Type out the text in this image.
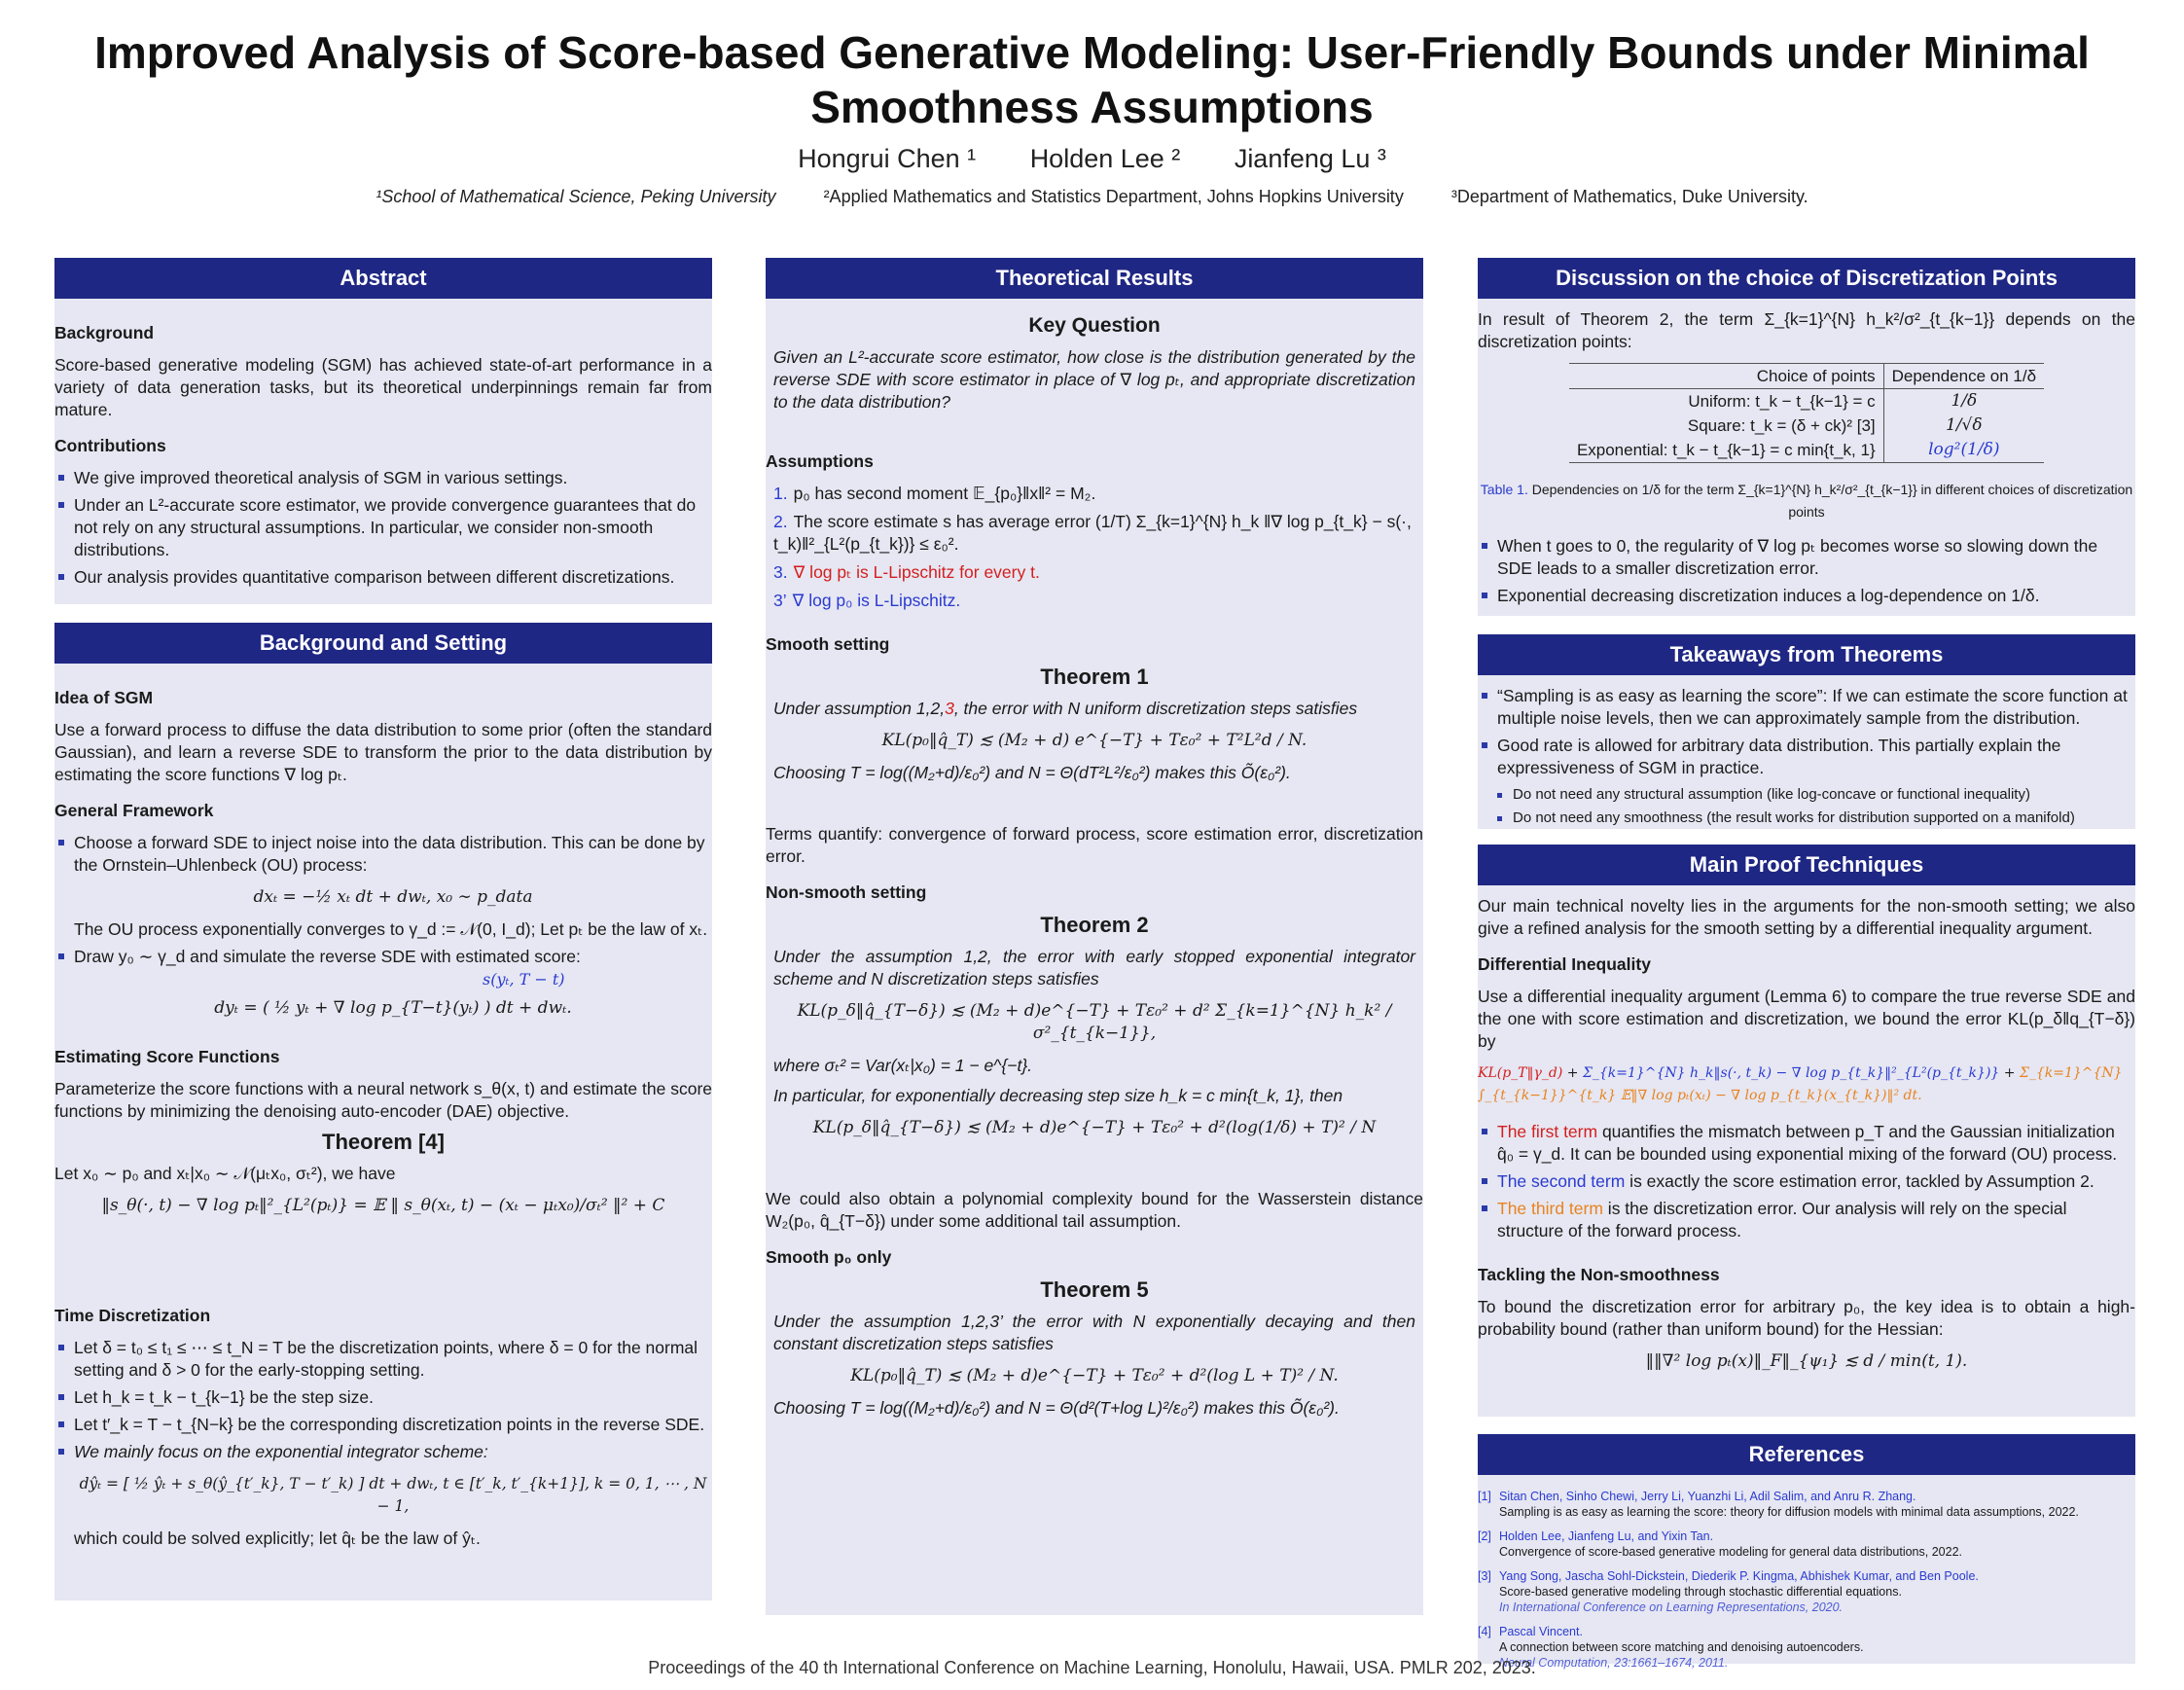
Improved Analysis of Score-based Generative Modeling: User-Friendly Bounds under Minimal
Smoothness Assumptions
Hongrui Chen ¹ Holden Lee ² Jianfeng Lu ³
¹School of Mathematical Science, Peking University	²Applied Mathematics and Statistics Department, Johns Hopkins University	³Department of Mathematics, Duke University.
Abstract
Background

Score-based generative modeling (SGM) has achieved state-of-art performance in a variety of data generation tasks, but its theoretical underpinnings remain far from mature.

Contributions
We give improved theoretical analysis of SGM in various settings.
Under an L²-accurate score estimator, we provide convergence guarantees that do not rely on any structural assumptions. In particular, we consider non-smooth distributions.
Our analysis provides quantitative comparison between different discretizations.
Background and Setting
Idea of SGM

Use a forward process to diffuse the data distribution to some prior (often the standard Gaussian), and learn a reverse SDE to transform the prior to the data distribution by estimating the score functions ∇ log pₜ.

General Framework
Choose a forward SDE to inject noise into the data distribution. This can be done by the Ornstein–Uhlenbeck (OU) process:
dxₜ = −½ xₜ dt + dwₜ, x₀ ∼ p_data
The OU process exponentially converges to γ_d := 𝒩(0, I_d); Let pₜ be the law of xₜ.
Draw y₀ ∼ γ_d and simulate the reverse SDE with estimated score:
dyₜ = ( ½ yₜ + ∇ log p_{T−t}(yₜ) ) dt + dwₜ.
s(yₜ, T − t)
Estimating Score Functions

Parameterize the score functions with a neural network s_θ(x, t) and estimate the score functions by minimizing the denoising auto-encoder (DAE) objective.

Theorem [4]

Let x₀ ∼ p₀ and xₜ|x₀ ∼ 𝒩(μₜx₀, σₜ²), we have

‖s_θ(·, t) − ∇ log pₜ‖²_{L²(pₜ)} = 𝔼 ‖ s_θ(xₜ, t) − (xₜ − μₜx₀)/σₜ² ‖² + C
Time Discretization
Let δ = t₀ ≤ t₁ ≤ ⋯ ≤ t_N = T be the discretization points, where δ = 0 for the normal setting and δ > 0 for the early-stopping setting.
Let h_k = t_k − t_{k−1} be the step size.
Let t′_k = T − t_{N−k} be the corresponding discretization points in the reverse SDE.
We mainly focus on the exponential integrator scheme:
dŷₜ = [ ½ ŷₜ + s_θ(ŷ_{t′_k}, T − t′_k) ] dt + dwₜ, t ∈ [t′_k, t′_{k+1}], k = 0, 1, ⋯ , N − 1,
which could be solved explicitly; let q̂ₜ be the law of ŷₜ.
Theoretical Results
Key Question

Given an L²-accurate score estimator, how close is the distribution generated by the reverse SDE with score estimator in place of ∇ log pₜ, and appropriate discretization to the data distribution?

Assumptions
1. p₀ has second moment 𝔼_{p₀}‖x‖² = M₂.
2. The score estimate s has average error (1/T) Σ_{k=1}^{N} h_k ‖∇ log p_{t_k} − s(·, t_k)‖²_{L²(p_{t_k})} ≤ ε₀².
3. ∇ log pₜ is L-Lipschitz for every t.
3’ ∇ log p₀ is L-Lipschitz.
Smooth setting
Theorem 1

Under assumption 1,2,3, the error with N uniform discretization steps satisfies

KL(p₀‖q̂_T) ≲ (M₂ + d) e^{−T} + Tε₀² + T²L²d / N.

Choosing T = log((M₂+d)/ε₀²) and N = Θ(dT²L²/ε₀²) makes this Õ(ε₀²).

Terms quantify: convergence of forward process, score estimation error, discretization error.

Non-smooth setting
Theorem 2

Under the assumption 1,2, the error with early stopped exponential integrator scheme and N discretization steps satisfies

KL(p_δ‖q̂_{T−δ}) ≲ (M₂ + d)e^{−T} + Tε₀² + d² Σ_{k=1}^{N} h_k² / σ²_{t_{k−1}},

where σₜ² = Var(xₜ|x₀) = 1 − e^{−t}.

In particular, for exponentially decreasing step size h_k = c min{t_k, 1}, then

KL(p_δ‖q̂_{T−δ}) ≲ (M₂ + d)e^{−T} + Tε₀² + d²(log(1/δ) + T)² / N

We could also obtain a polynomial complexity bound for the Wasserstein distance W₂(p₀, q̂_{T−δ}) under some additional tail assumption.

Smooth p₀ only
Theorem 5

Under the assumption 1,2,3’ the error with N exponentially decaying and then constant discretization steps satisfies

KL(p₀‖q̂_T) ≲ (M₂ + d)e^{−T} + Tε₀² + d²(log L + T)² / N.

Choosing T = log((M₂+d)/ε₀²) and N = Θ(d²(T+log L)²/ε₀²) makes this Õ(ε₀²).

Discussion on the choice of Discretization Points

In result of Theorem 2, the term Σ_{k=1}^{N} h_k²/σ²_{t_{k−1}} depends on the discretization points:

Choice of points	Dependence on 1/δ
Uniform: t_k − t_{k−1} = c	1/δ
Square: t_k = (δ + ck)² [3]	1/√δ
Exponential: t_k − t_{k−1} = c min{t_k, 1}	log²(1/δ)
Table 1. Dependencies on 1/δ for the term Σ_{k=1}^{N} h_k²/σ²_{t_{k−1}} in different choices of discretization points
When t goes to 0, the regularity of ∇ log pₜ becomes worse so slowing down the SDE leads to a smaller discretization error.
Exponential decreasing discretization induces a log-dependence on 1/δ.
Takeaways from Theorems
“Sampling is as easy as learning the score”: If we can estimate the score function at multiple noise levels, then we can approximately sample from the distribution.
Good rate is allowed for arbitrary data distribution. This partially explain the expressiveness of SGM in practice.
Do not need any structural assumption (like log-concave or functional inequality)
Do not need any smoothness (the result works for distribution supported on a manifold)
Main Proof Techniques

Our main technical novelty lies in the arguments for the non-smooth setting; we also give a refined analysis for the smooth setting by a differential inequality argument.

Differential Inequality

Use a differential inequality argument (Lemma 6) to compare the true reverse SDE and the one with score estimation and discretization, we bound the error KL(p_δ‖q_{T−δ}) by

KL(p_T‖γ_d) + Σ_{k=1}^{N} h_k‖s(·, t_k) − ∇ log p_{t_k}‖²_{L²(p_{t_k})} + Σ_{k=1}^{N} ∫_{t_{k−1}}^{t_k} 𝔼‖∇ log pₜ(xₜ) − ∇ log p_{t_k}(x_{t_k})‖² dt.
The first term quantifies the mismatch between p_T and the Gaussian initialization q̂₀ = γ_d. It can be bounded using exponential mixing of the forward (OU) process.
The second term is exactly the score estimation error, tackled by Assumption 2.
The third term is the discretization error. Our analysis will rely on the special structure of the forward process.
Tackling the Non-smoothness

To bound the discretization error for arbitrary p₀, the key idea is to obtain a high-probability bound (rather than uniform bound) for the Hessian:

‖‖∇² log pₜ(x)‖_F‖_{ψ₁} ≲ d / min(t, 1).
References
[1] Sitan Chen, Sinho Chewi, Jerry Li, Yuanzhi Li, Adil Salim, and Anru R. Zhang.
Sampling is as easy as learning the score: theory for diffusion models with minimal data assumptions, 2022.
[2] Holden Lee, Jianfeng Lu, and Yixin Tan.
Convergence of score-based generative modeling for general data distributions, 2022.
[3] Yang Song, Jascha Sohl-Dickstein, Diederik P. Kingma, Abhishek Kumar, and Ben Poole.
Score-based generative modeling through stochastic differential equations.
In International Conference on Learning Representations, 2020.
[4] Pascal Vincent.
A connection between score matching and denoising autoencoders.
Neural Computation, 23:1661–1674, 2011.
Proceedings of the 40 th International Conference on Machine Learning, Honolulu, Hawaii, USA. PMLR 202, 2023.
